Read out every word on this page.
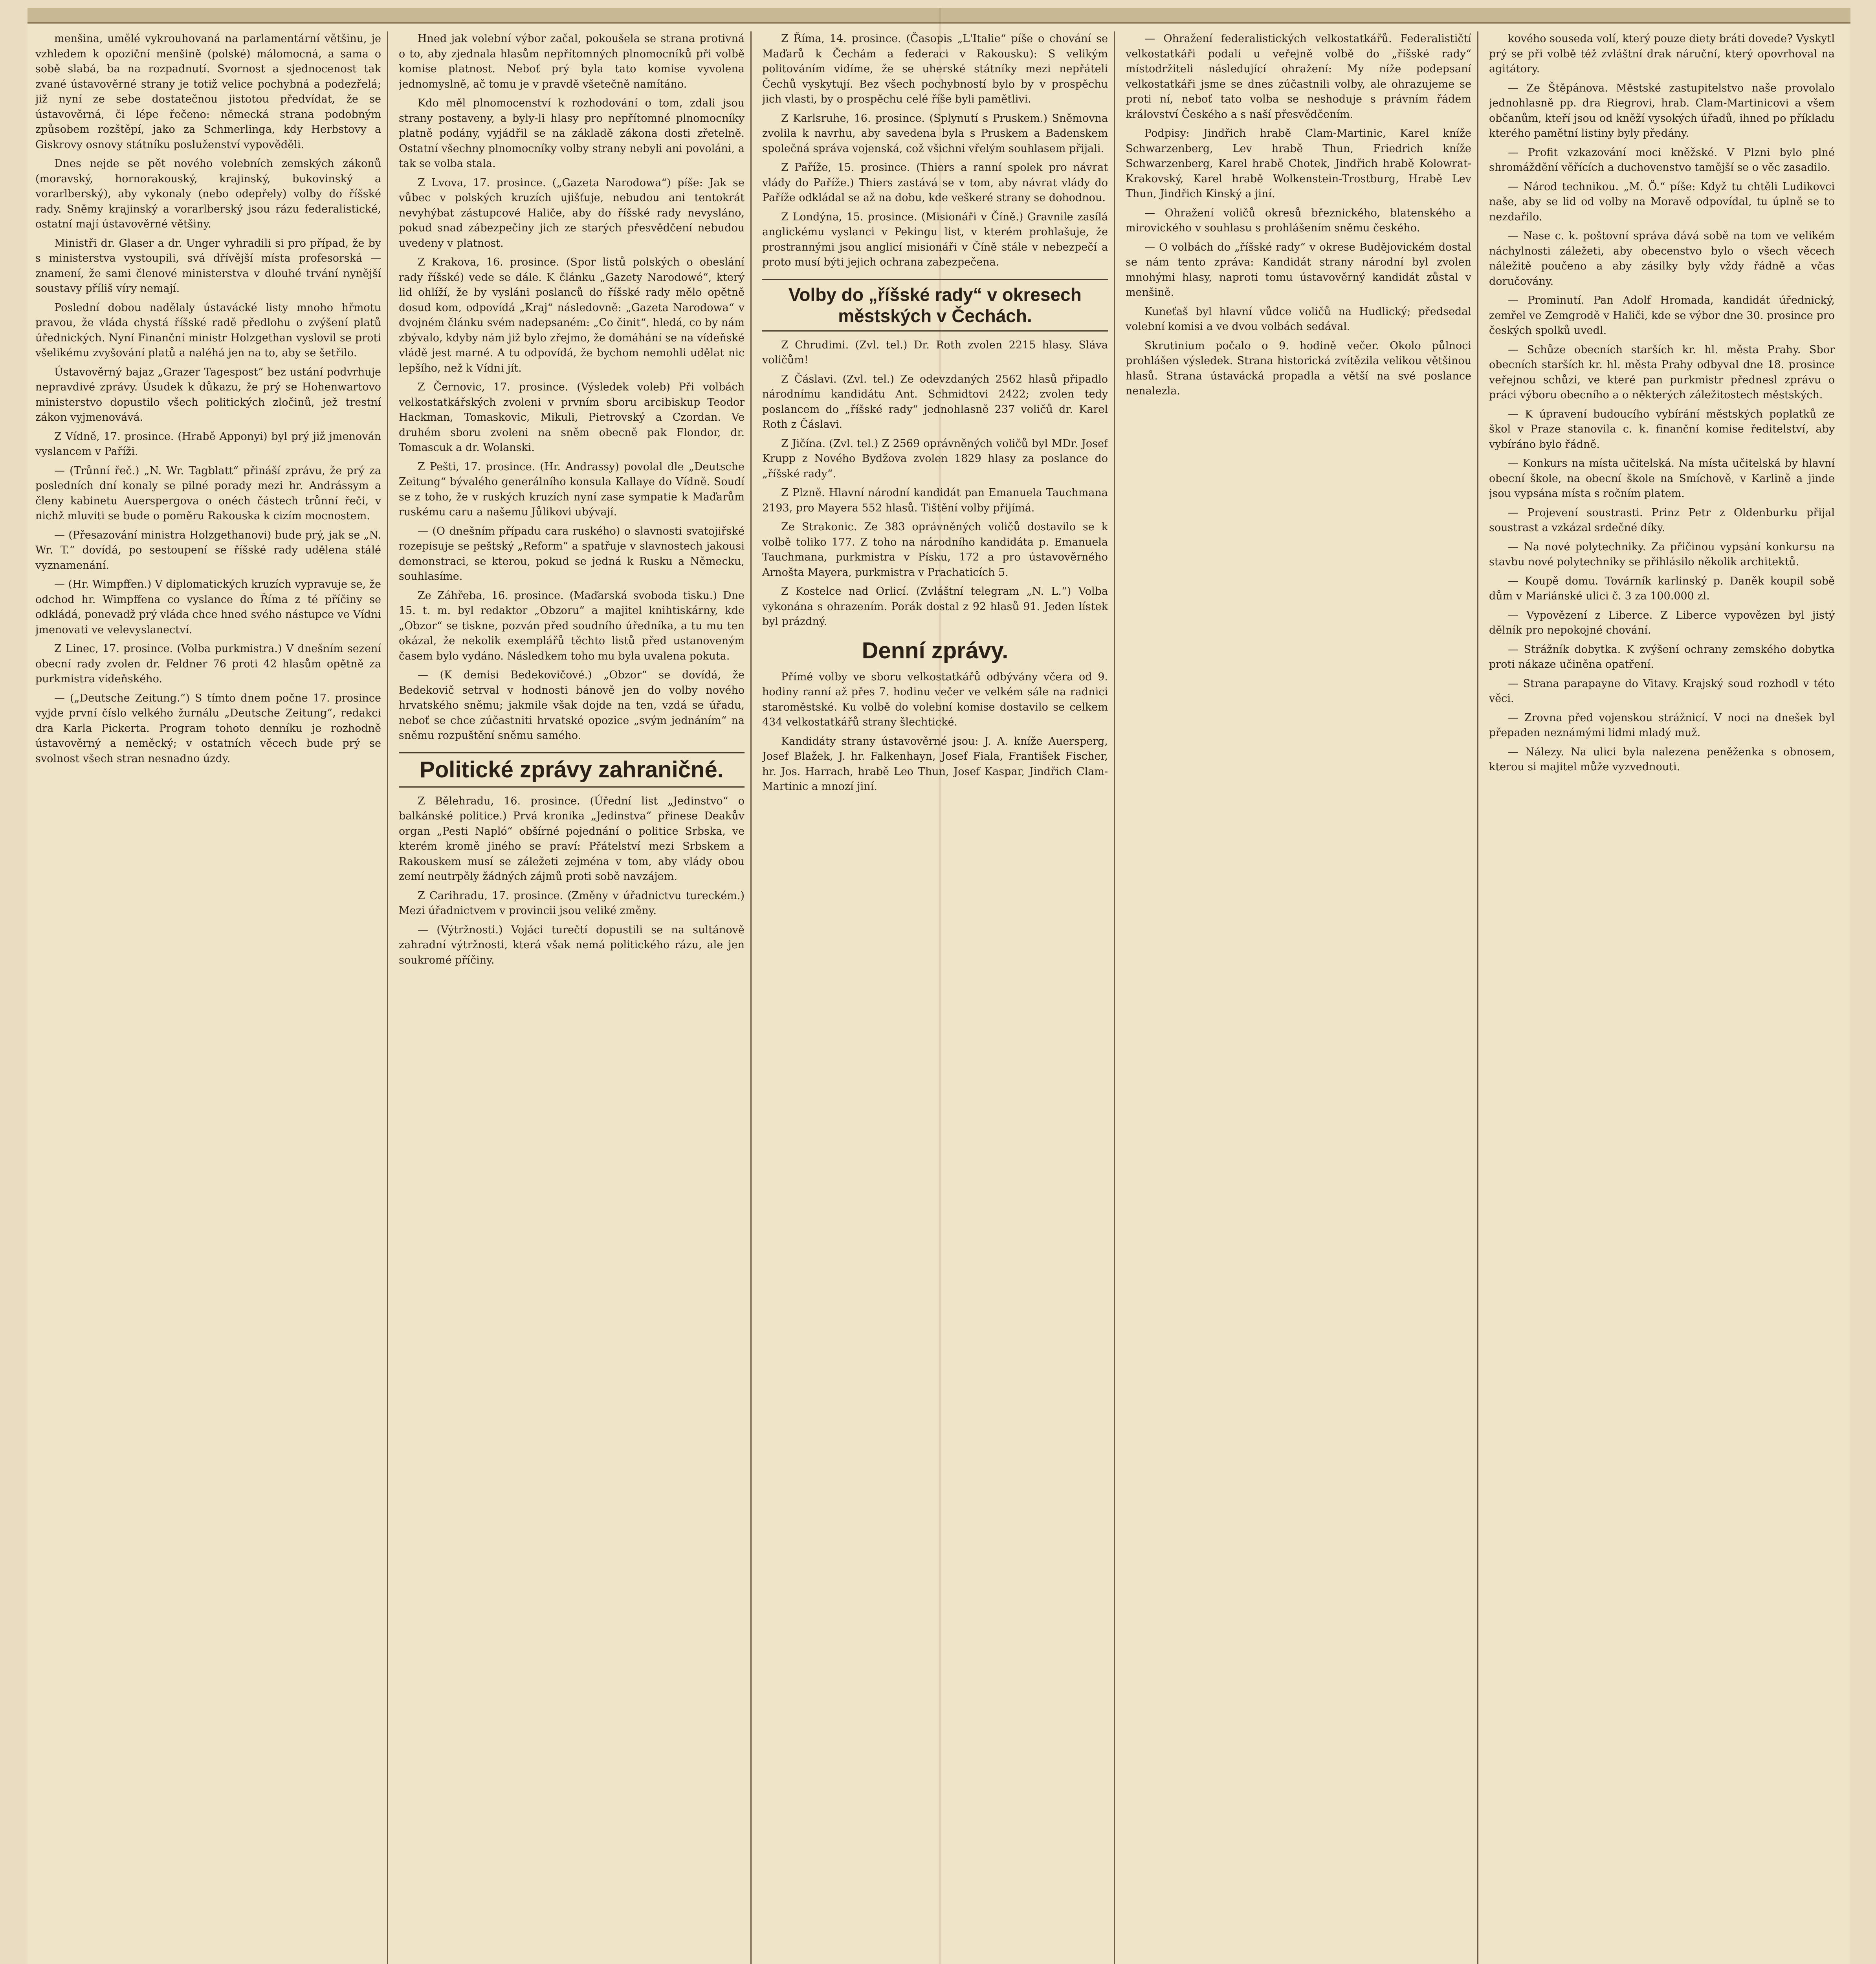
menšina, umělé vykrouhovaná na parlamentární většinu, je vzhledem k opoziční menšině (polské) málomocná, a sama o sobě slabá, ba na rozpadnutí. Svornost a sjednocenost tak zvané ústavověrné strany je totiž velice pochybná a podezřelá; již nyní ze sebe dostatečnou jistotou předvídat, že se ústavověrná, či lépe řečeno: německá strana podobným způsobem rozštěpí, jako za Schmerlinga, kdy Herbstovy a Giskrovy osnovy státníku posluženství vypověděli.

Dnes nejde se pět nového volebních zemských zákonů (moravský, hornorakouský, krajinský, bukovinský a vorarlberský), aby vykonaly (nebo odepřely) volby do říšské rady. Sněmy krajinský a vorarlberský jsou rázu federalistické, ostatní mají ústavověrné většiny.

Ministři dr. Glaser a dr. Unger vyhradili si pro případ, že by s ministerstva vystoupili, svá dřívější místa profesorská — znamení, že sami členové ministerstva v dlouhé trvání nynější soustavy příliš víry nemají.

Poslední dobou nadělaly ústavácké listy mnoho hřmotu pravou, že vláda chystá říšské radě předlohu o zvýšení platů úřednických. Nyní Finanční ministr Holzgethan vyslovil se proti všelikému zvyšování platů a naléhá jen na to, aby se šetřilo.

Ústavověrný bajaz „Grazer Tagespost“ bez ustání podvrhuje nepravdivé zprávy. Úsudek k důkazu, že prý se Hohenwartovo ministerstvo dopustilo všech politických zločinů, jež trestní zákon vyjmenovává.

Z Vídně, 17. prosince. (Hrabě Apponyi) byl prý již jmenován vyslancem v Paříži.

— (Trůnní řeč.) „N. Wr. Tagblatt“ přináší zprávu, že prý za posledních dní konaly se pilné porady mezi hr. Andrássym a členy kabinetu Auerspergova o onéch částech trůnní řeči, v nichž mluviti se bude o poměru Rakouska k cizím mocnostem.

— (Přesazování ministra Holzgethanovi) bude prý, jak se „N. Wr. T.“ dovídá, po sestoupení se říšské rady udělena stálé vyznamenání.

— (Hr. Wimpffen.) V diplomatických kruzích vypravuje se, že odchod hr. Wimpffena co vyslance do Říma z té příčiny se odkládá, ponevadž prý vláda chce hned svého nástupce ve Vídni jmenovati ve velevyslanectví.

Z Linec, 17. prosince. (Volba purkmistra.) V dnešním sezení obecní rady zvolen dr. Feldner 76 proti 42 hlasům opětně za purkmistra vídeňského.

— („Deutsche Zeitung.“) S tímto dnem počne 17. prosince vyjde první číslo velkého žurnálu „Deutsche Zeitung“, redakci dra Karla Pickerta. Program tohoto denníku je rozhodně ústavověrný a neměcký; v ostatních věcech bude prý se svolnost všech stran nesnadno úzdy.

Hned jak volební výbor začal, pokoušela se strana protivná o to, aby zjednala hlasům nepřítomných plnomocníků při volbě komise platnost. Neboť prý byla tato komise vyvolena jednomyslně, ač tomu je v pravdě všetečně namítáno.

Kdo měl plnomocenství k rozhodování o tom, zdali jsou strany postaveny, a byly-li hlasy pro nepřítomné plnomocníky platně podány, vyjádřil se na základě zákona dosti zřetelně. Ostatní všechny plnomocníky volby strany nebyli ani povoláni, a tak se volba stala.

Z Lvova, 17. prosince. („Gazeta Narodowa“) píše: Jak se vůbec v polských kruzích ujišťuje, nebudou ani tentokrát nevyhýbat zástupcové Haliče, aby do říšské rady nevysláno, pokud snad zábezpečiny jich ze starých přesvědčení nebudou uvedeny v platnost.

Z Krakova, 16. prosince. (Spor listů polských o obeslání rady říšské) vede se dále. K článku „Gazety Narodowé“, který lid ohlíží, že by vysláni poslanců do říšské rady mělo opětně dosud kom, odpovídá „Kraj“ následovně: „Gazeta Narodowa“ v dvojném článku svém nadepsaném: „Co činit“, hledá, co by nám zbývalo, kdyby nám již bylo zřejmo, že domáhání se na vídeňské vládě jest marné. A tu odpovídá, že bychom nemohli udělat nic lepšího, než k Vídni jít.

Z Černovic, 17. prosince. (Výsledek voleb) Při volbách velkostatkářských zvoleni v prvním sboru arcibiskup Teodor Hackman, Tomaskovic, Mikuli, Pietrovský a Czordan. Ve druhém sboru zvoleni na sněm obecně pak Flondor, dr. Tomascuk a dr. Wolanski.

Z Pešti, 17. prosince. (Hr. Andrassy) povolal dle „Deutsche Zeitung“ bývalého generálního konsula Kallaye do Vídně. Soudí se z toho, že v ruských kruzích nyní zase sympatie k Maďarům ruskému caru a našemu Jůlikovi ubývají.

— (O dnešním případu cara ruského) o slavnosti svatojiřské rozepisuje se peštský „Reform“ a spatřuje v slavnostech jakousi demonstraci, se kterou, pokud se jedná k Rusku a Německu, souhlasíme.

Ze Záhřeba, 16. prosince. (Maďarská svoboda tisku.) Dne 15. t. m. byl redaktor „Obzoru“ a majitel knihtiskárny, kde „Obzor“ se tiskne, pozván před soudního úředníka, a tu mu ten okázal, že nekolik exemplářů těchto listů před ustanoveným časem bylo vydáno. Následkem toho mu byla uvalena pokuta.

— (K demisi Bedekovičové.) „Obzor“ se dovídá, že Bedekovič setrval v hodnosti bánově jen do volby nového hrvatského sněmu; jakmile však dojde na ten, vzdá se úřadu, neboť se chce zúčastniti hrvatské opozice „svým jednáním“ na sněmu rozpuštění sněmu samého.

Politické zprávy zahraničné.

Z Bělehradu, 16. prosince. (Úřední list „Jedinstvo“ o balkánské politice.) Prvá kronika „Jedinstva“ přinese Deakův organ „Pesti Napló“ obšírné pojednání o politice Srbska, ve kterém kromě jiného se praví: Přátelství mezi Srbskem a Rakouskem musí se záležeti zejména v tom, aby vlády obou zemí neutrpěly žádných zájmů proti sobě navzájem.

Z Carihradu, 17. prosince. (Změny v úřadnictvu tureckém.) Mezi úřadnictvem v provincii jsou veliké změny.

— (Výtržnosti.) Vojáci turečtí dopustili se na sultánově zahradní výtržnosti, která však nemá politického rázu, ale jen soukromé příčiny.

Z Říma, 14. prosince. (Časopis „L'Italie“ píše o chování se Maďarů k Čechám a federaci v Rakousku): S velikým politováním vidíme, že se uherské státníky mezi nepřáteli Čechů vyskytují. Bez všech pochybností bylo by v prospěchu jich vlasti, by o prospěchu celé říše byli pamětlivi.

Z Karlsruhe, 16. prosince. (Splynutí s Pruskem.) Sněmovna zvolila k navrhu, aby savedena byla s Pruskem a Badenskem společná správa vojenská, což všichni vřelým souhlasem přijali.

Z Paříže, 15. prosince. (Thiers a ranní spolek pro návrat vlády do Paříže.) Thiers zastává se v tom, aby návrat vlády do Paříže odkládal se až na dobu, kde veškeré strany se dohodnou.

Z Londýna, 15. prosince. (Misionáři v Číně.) Gravnile zasílá anglickému vyslanci v Pekingu list, v kterém prohlašuje, že prostrannými jsou anglicí misionáři v Číně stále v nebezpečí a proto musí býti jejich ochrana zabezpečena.

Volby do „říšské rady“ v okresech městských v Čechách.

Z Chrudimi. (Zvl. tel.) Dr. Roth zvolen 2215 hlasy. Sláva voličům!

Z Čáslavi. (Zvl. tel.) Ze odevzdaných 2562 hlasů připadlo národnímu kandidátu Ant. Schmidtovi 2422; zvolen tedy poslancem do „říšské rady“ jednohlasně 237 voličů dr. Karel Roth z Čáslavi.

Z Jičína. (Zvl. tel.) Z 2569 oprávněných voličů byl MDr. Josef Krupp z Nového Bydžova zvolen 1829 hlasy za poslance do „říšské rady“.

Z Plzně. Hlavní národní kandidát pan Emanuela Tauchmana 2193, pro Mayera 552 hlasů. Tištění volby přijímá.

Ze Strakonic. Ze 383 oprávněných voličů dostavilo se k volbě toliko 177. Z toho na národního kandidáta p. Emanuela Tauchmana, purkmistra v Písku, 172 a pro ústavověrného Arnošta Mayera, purkmistra v Prachaticích 5.

Z Kostelce nad Orlicí. (Zvláštní telegram „N. L.“) Volba vykonána s ohrazením. Porák dostal z 92 hlasů 91. Jeden lístek byl prázdný.

Denní zprávy.

Přímé volby ve sboru velkostatkářů odbývány včera od 9. hodiny ranní až přes 7. hodinu večer ve velkém sále na radnici staroměstské. Ku volbě do volební komise dostavilo se celkem 434 velkostatkářů strany šlechtické.

Kandidáty strany ústavověrné jsou: J. A. kníže Auersperg, Josef Blažek, J. hr. Falkenhayn, Josef Fiala, František Fischer, hr. Jos. Harrach, hrabě Leo Thun, Josef Kaspar, Jindřich Clam-Martinic a mnozí jiní.

— Ohražení federalistických velkostatkářů. Federalističtí velkostatkáři podali u veřejně volbě do „říšské rady“ místodržiteli následující ohražení: My níže podepsaní velkostatkáři jsme se dnes zúčastnili volby, ale ohrazujeme se proti ní, neboť tato volba se neshoduje s právním řádem království Českého a s naší přesvědčením.

Podpisy: Jindřich hrabě Clam-Martinic, Karel kníže Schwarzenberg, Lev hrabě Thun, Friedrich kníže Schwarzenberg, Karel hrabě Chotek, Jindřich hrabě Kolowrat-Krakovský, Karel hrabě Wolkenstein-Trostburg, Hrabě Lev Thun, Jindřich Kinský a jiní.

— Ohražení voličů okresů březnického, blatenského a mirovického v souhlasu s prohlášením sněmu českého.

— O volbách do „říšské rady“ v okrese Budějovickém dostal se nám tento zpráva: Kandidát strany národní byl zvolen mnohými hlasy, naproti tomu ústavověrný kandidát zůstal v menšině.

Kuneťaš byl hlavní vůdce voličů na Hudlický; předsedal volební komisi a ve dvou volbách sedával.

Skrutinium počalo o 9. hodině večer. Okolo půlnoci prohlášen výsledek. Strana historická zvítězila velikou většinou hlasů. Strana ústavácká propadla a větší na své poslance nenalezla.

kového souseda volí, který pouze diety bráti dovede? Vyskytl prý se při volbě též zvláštní drak náruční, který opovrhoval na agitátory.

— Ze Štěpánova. Městské zastupitelstvo naše provolalo jednohlasně pp. dra Riegrovi, hrab. Clam-Martinicovi a všem občanům, kteří jsou od kněží vysokých úřadů, ihned po příkladu kterého pamětní listiny byly předány.

— Profit vzkazování moci kněžské. V Plzni bylo plné shromáždění věřících a duchovenstvo tamější se o věc zasadilo.

— Národ technikou. „M. Ö.“ píše: Když tu chtěli Ludikovci naše, aby se lid od volby na Moravě odpovídal, tu úplně se to nezdařilo.

— Nase c. k. poštovní správa dává sobě na tom ve velikém náchylnosti záležeti, aby obecenstvo bylo o všech věcech náležitě poučeno a aby zásilky byly vždy řádně a včas doručovány.

— Prominutí. Pan Adolf Hromada, kandidát úřednický, zemřel ve Zemgrodě v Haliči, kde se výbor dne 30. prosince pro českých spolků uvedl.

— Schůze obecních starších kr. hl. města Prahy. Sbor obecních starších kr. hl. města Prahy odbyval dne 18. prosince veřejnou schůzi, ve které pan purkmistr přednesl zprávu o práci výboru obecního a o některých záležitostech městských.

— K úpravení budoucího vybírání městských poplatků ze škol v Praze stanovila c. k. finanční komise ředitelství, aby vybíráno bylo řádně.

— Konkurs na místa učitelská. Na místa učitelská by hlavní obecní škole, na obecní škole na Smíchově, v Karlině a jinde jsou vypsána místa s ročním platem.

— Projevení soustrasti. Prinz Petr z Oldenburku přijal soustrast a vzkázal srdečné díky.

— Na nové polytechniky. Za přičinou vypsání konkursu na stavbu nové polytechniky se přihlásilo několik architektů.

— Koupě domu. Továrník karlinský p. Daněk koupil sobě dům v Mariánské ulici č. 3 za 100.000 zl.

— Vypovězení z Liberce. Z Liberce vypovězen byl jistý dělník pro nepokojné chování.

— Strážník dobytka. K zvýšení ochrany zemského dobytka proti nákaze učiněna opatření.

— Strana parapayne do Vitavy. Krajský soud rozhodl v této věci.

— Zrovna před vojenskou strážnicí. V noci na dnešek byl přepaden neznámými lidmi mladý muž.

— Nálezy. Na ulici byla nalezena peněženka s obnosem, kterou si majitel může vyzvednouti.
